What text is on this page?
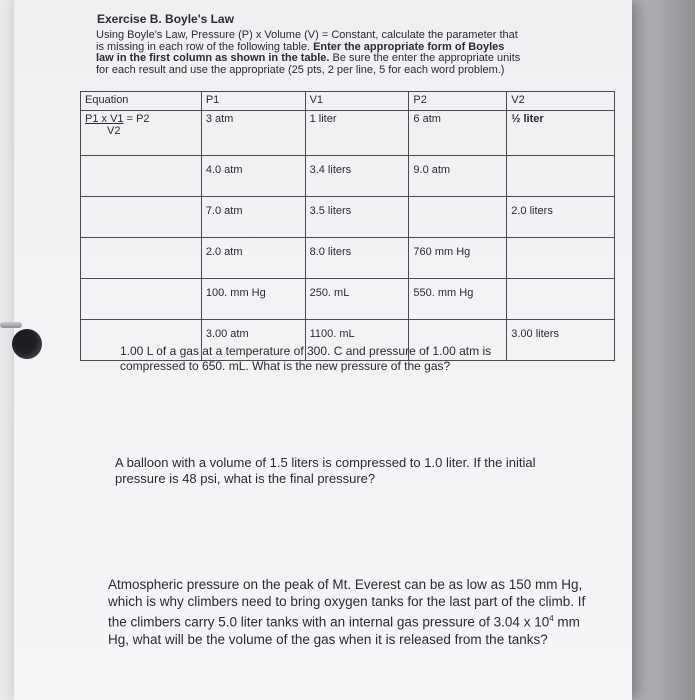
Exercise B. Boyle's Law
Using Boyle's Law, Pressure (P) x Volume (V) = Constant, calculate the parameter that
is missing in each row of the following table. Enter the appropriate form of Boyles
law in the first column as shown in the table. Be sure the enter the appropriate units
for each result and use the appropriate (25 pts, 2 per line, 5 for each word problem.)
Equation	P1	V1	P2	V2

P1 x V1 = P2
V2	3 atm	1 liter	6 atm	½ liter
	4.0 atm	3.4 liters	9.0 atm	
	7.0 atm	3.5 liters		2.0 liters
	2.0 atm	8.0 liters	760 mm Hg	
	100. mm Hg	250. mL	550. mm Hg	
	3.00 atm	1100. mL		3.00 liters
1.00 L of a gas at a temperature of 300. C and pressure of 1.00 atm is
compressed to 650. mL. What is the new pressure of the gas?
A balloon with a volume of 1.5 liters is compressed to 1.0 liter. If the initial
pressure is 48 psi, what is the final pressure?
Atmospheric pressure on the peak of Mt. Everest can be as low as 150 mm Hg,
which is why climbers need to bring oxygen tanks for the last part of the climb. If
the climbers carry 5.0 liter tanks with an internal gas pressure of 3.04 x $10^4$ mm
Hg, what will be the volume of the gas when it is released from the tanks?
